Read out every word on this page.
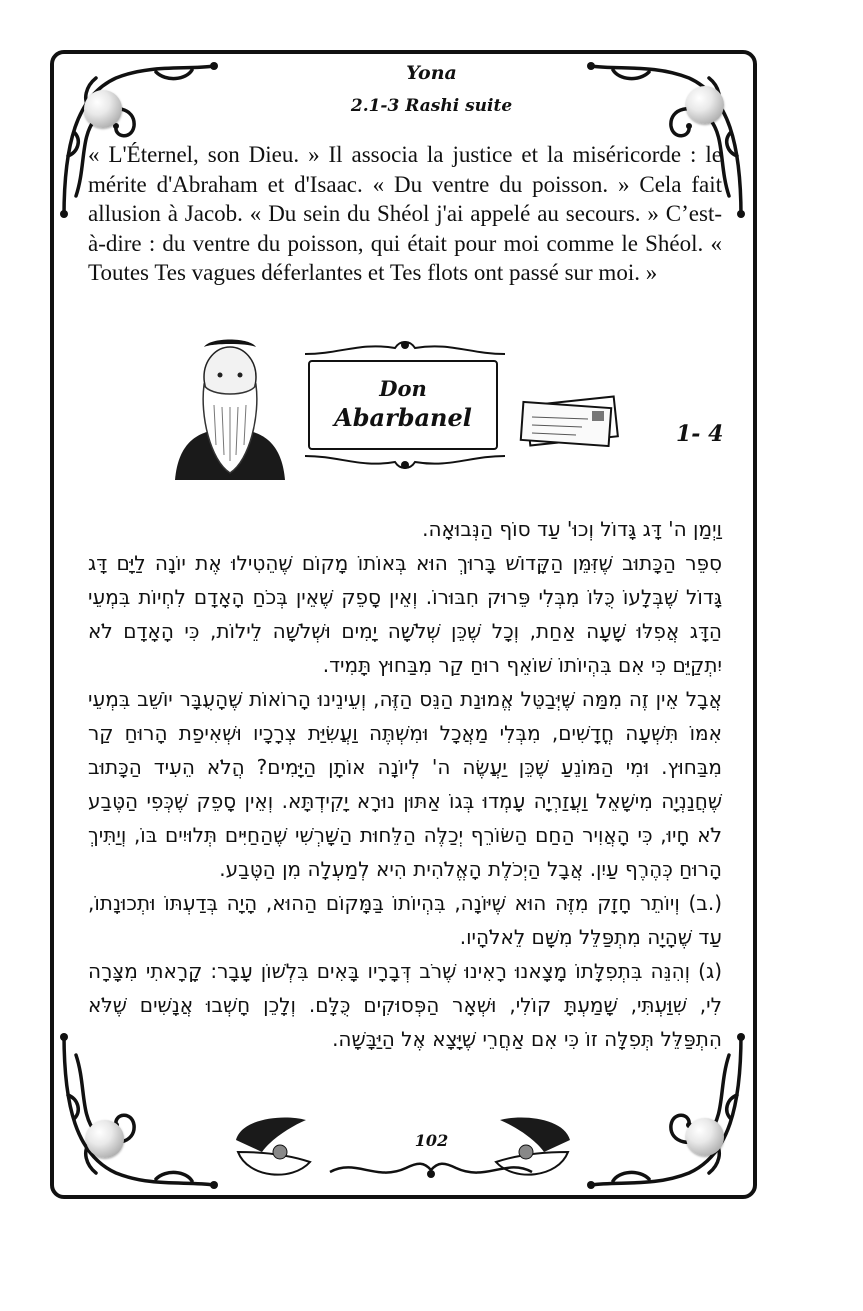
Yona
2.1-3 Rashi suite
« L'Éternel, son Dieu. » Il associa la justice et la miséricorde : le mérite d'Abraham et d'Isaac. « Du ventre du poisson. » Cela fait allusion à Jacob. « Du sein du Shéol j'ai appelé au secours. » C’est-à-dire : du ventre du poisson, qui était pour moi comme le Shéol. « Toutes Tes vagues déferlantes et Tes flots ont passé sur moi. »
Don
Abarbanel
1- 4

וַיְמַן ה' דָּג גָּדוֹל וְכוּ' עַד סוֹף הַנְּבוּאָה.

סִפֵּר הַכָּתוּב שֶׁזִּמֵּן הַקָּדוֹשׁ בָּרוּךְ הוּא בְּאוֹתוֹ מָקוֹם שֶׁהֵטִילוּ אֶת יוֹנָה לַיָּם דָּג גָּדוֹל שֶׁבְּלָעוֹ כֻּלּוֹ מִבְּלִי פֵּרוּק חִבּוּרוֹ. וְאֵין סָפֵק שֶׁאֵין בְּכֹחַ הָאָדָם לִחְיוֹת בִּמְעֵי הַדָּג אֲפִלּוּ שָׁעָה אַחַת, וְכָל שֶׁכֵּן שְׁלֹשָׁה יָמִים וּשְׁלֹשָׁה לֵילוֹת, כִּי הָאָדָם לֹא יִתְקַיֵּם כִּי אִם בִּהְיוֹתוֹ שׁוֹאֵף רוּחַ קַר מִבַּחוּץ תָּמִיד.

אֲבָל אֵין זֶה מִמַּה שֶּׁיְּבַטֵּל אֱמוּנַת הַנֵּס הַזֶּה, וְעֵינֵינוּ הָרוֹאוֹת שֶׁהָעֻבָּר יוֹשֵׁב בִּמְעֵי אִמּוֹ תִּשְׁעָה חֳדָשִׁים, מִבְּלִי מַאֲכָל וּמִשְׁתֶּה וַעֲשִׂיַּת צְרָכָיו וּשְׁאִיפַת הָרוּחַ קַר מִבַּחוּץ. וּמִי הַמּוֹנֵעַ שֶׁכֵּן יַעֲשֶׂה ה' לְיוֹנָה אוֹתָן הַיָּמִים? הֲלֹא הֵעִיד הַכָּתוּב שֶׁחֲנַנְיָה מִישָׁאֵל וַעֲזַרְיָה עָמְדוּ בְּגוֹ אַתּוּן נוּרָא יָקִידְתָּא. וְאֵין סָפֵק שֶׁכְּפִי הַטֶּבַע לֹא חָיוּ, כִּי הָאֲוִיר הַחַם הַשּׂוֹרֵף יְכַלֶּה הַלֵּחוּת הַשָּׁרְשִׁי שֶׁהַחַיִּים תְּלוּיִים בּוֹ, וְיַתִּיךְ הָרוּחַ כְּהֶרֶף עַיִן. אֲבָל הַיְכֹלֶת הָאֱלֹהִית הִיא לְמַעְלָה מִן הַטֶּבַע.

(.ב) וְיוֹתֵר חָזָק מִזֶּה הוּא שֶׁיּוֹנָה, בִּהְיוֹתוֹ בַּמָּקוֹם הַהוּא, הָיָה בְּדַעְתּוֹ וּתְכוּנָתוֹ, עַד שֶׁהָיָה מִתְפַּלֵּל מִשָּׁם לֵאלֹהָיו.

(ג) וְהִנֵּה בִּתְפִלָּתוֹ מָצָאנוּ רָאִינוּ שֶׁרֹב דְּבָרָיו בָּאִים בִּלְשׁוֹן עָבָר: קָרָאתִי מִצָּרָה לִי, שִׁוַּעְתִּי, שָׁמַעְתָּ קוֹלִי, וּשְׁאָר הַפְּסוּקִים כֻּלָּם. וְלָכֵן חָשְׁבוּ אֲנָשִׁים שֶׁלֹּא הִתְפַּלֵּל תְּפִלָּה זוֹ כִּי אִם אַחֲרֵי שֶׁיָּצָא אֶל הַיַּבָּשָׁה.

102
